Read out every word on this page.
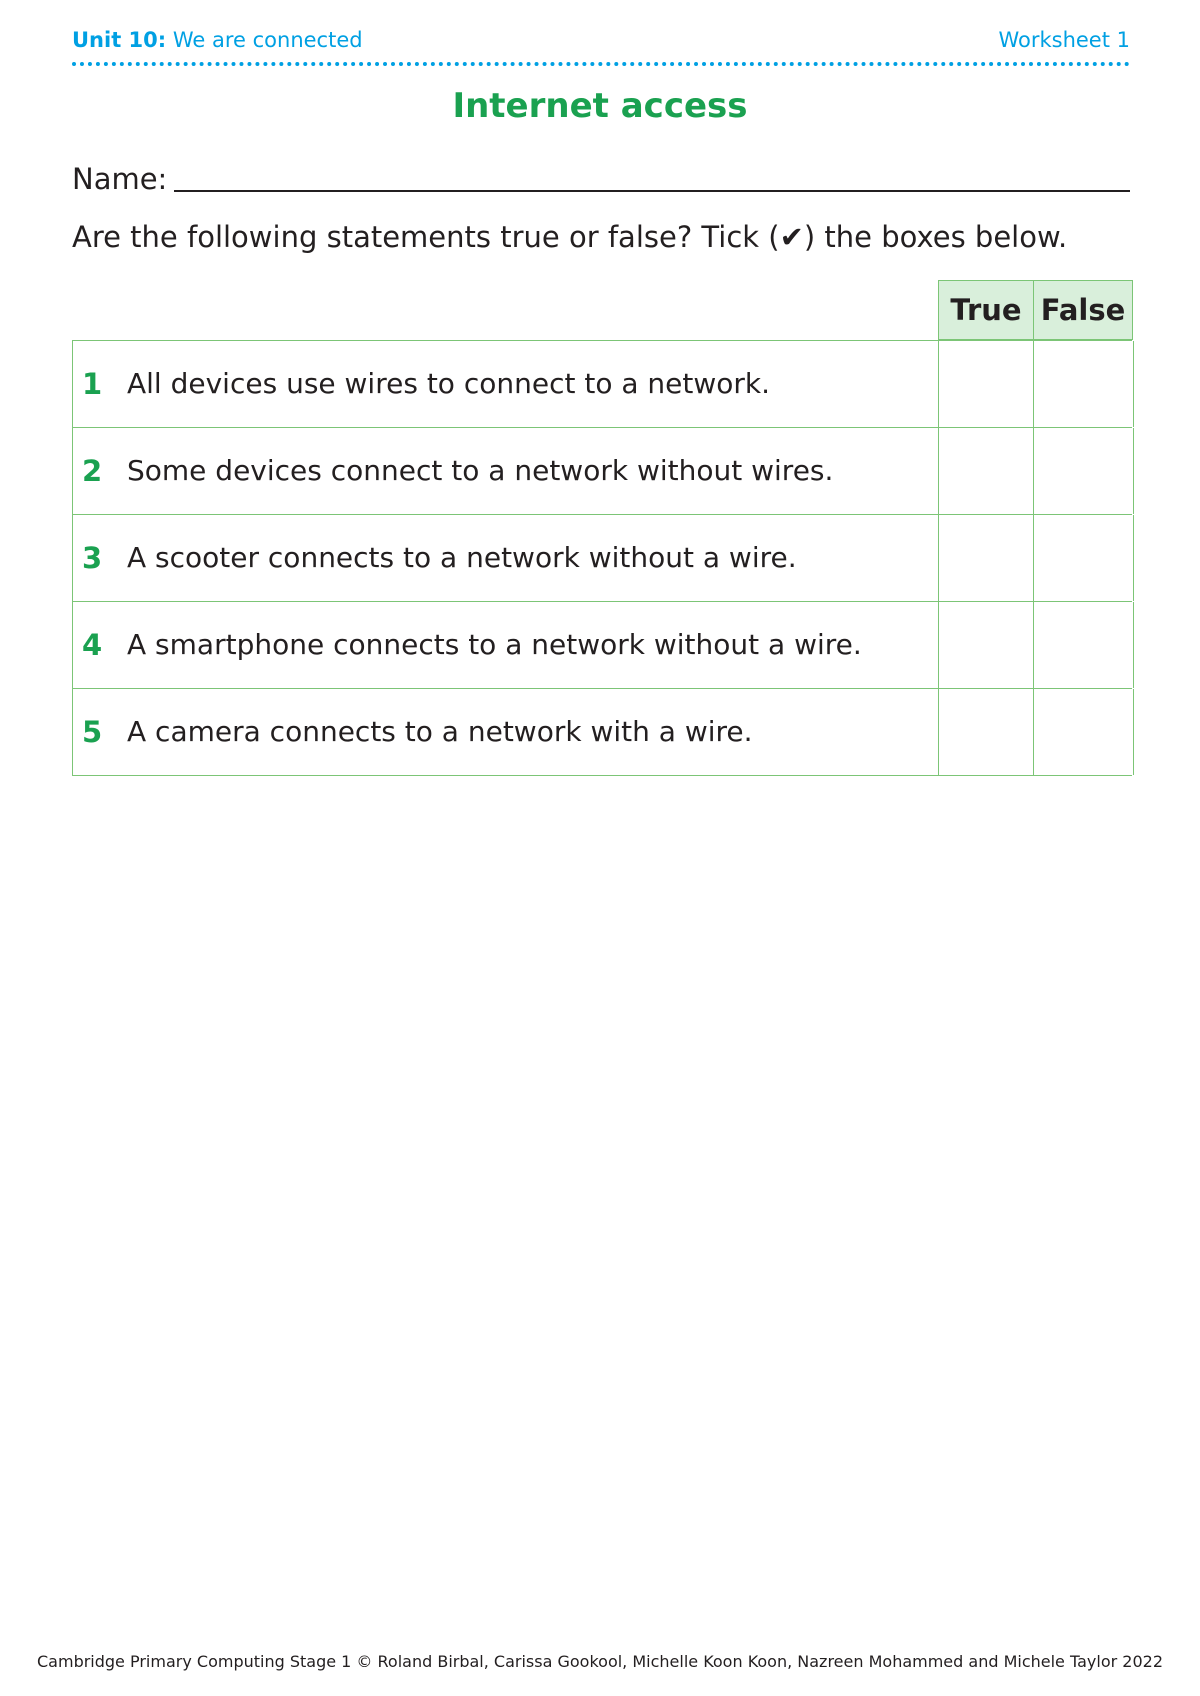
Unit 10: We are connected	Worksheet 1
Internet access
Name:
Are the following statements true or false? Tick (✔) the boxes below.
True False
1 All devices use wires to connect to a network.
2 Some devices connect to a network without wires.
3 A scooter connects to a network without a wire.
4 A smartphone connects to a network without a wire.
5 A camera connects to a network with a wire.
Cambridge Primary Computing Stage 1 © Roland Birbal, Carissa Gookool, Michelle Koon Koon, Nazreen Mohammed and Michele Taylor 2022
